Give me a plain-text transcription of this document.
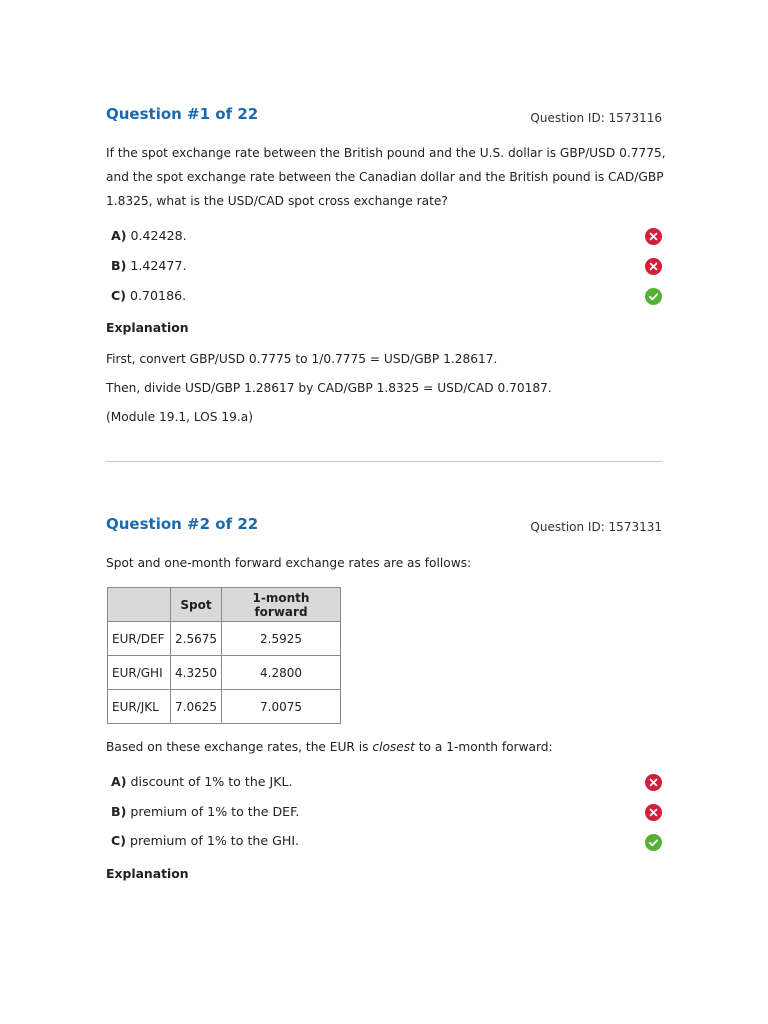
Question #1 of 22	Question ID: 1573116
If the spot exchange rate between the British pound and the U.S. dollar is GBP/USD 0.7775,
and the spot exchange rate between the Canadian dollar and the British pound is CAD/GBP
1.8325, what is the USD/CAD spot cross exchange rate?
A) 0.42428.
B) 1.42477.
C) 0.70186.
Explanation
First, convert GBP/USD 0.7775 to 1/0.7775 = USD/GBP 1.28617.
Then, divide USD/GBP 1.28617 by CAD/GBP 1.8325 = USD/CAD 0.70187.
(Module 19.1, LOS 19.a)
Question #2 of 22	Question ID: 1573131
Spot and one-month forward exchange rates are as follows:
	Spot	1-month forward
EUR/DEF	2.5675	2.5925
EUR/GHI	4.3250	4.2800
EUR/JKL	7.0625	7.0075
Based on these exchange rates, the EUR is closest to a 1-month forward:
A) discount of 1% to the JKL.
B) premium of 1% to the DEF.
C) premium of 1% to the GHI.
Explanation
